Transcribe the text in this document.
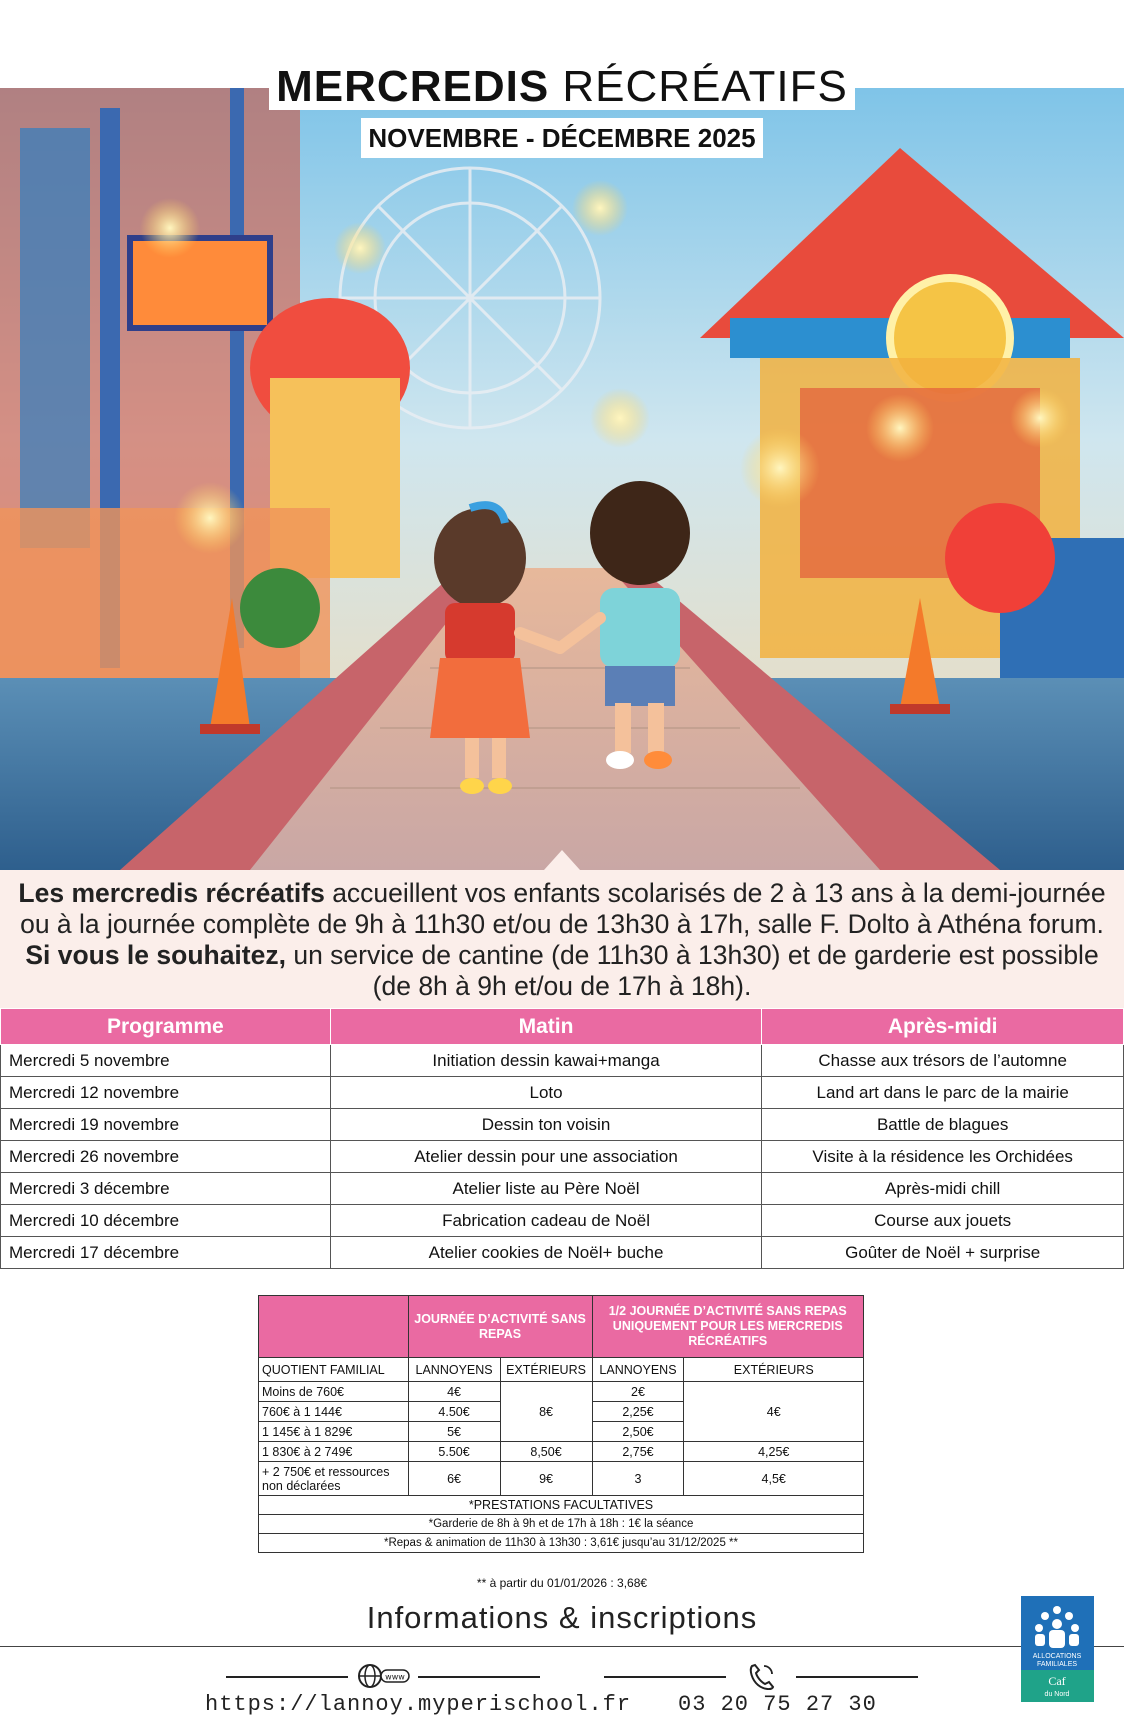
MERCREDIS RÉCRÉATIFS
NOVEMBRE - DÉCEMBRE 2025

Les mercredis récréatifs accueillent vos enfants scolarisés de 2 à 13 ans à la demi-journée ou à la journée complète de 9h à 11h30 et/ou de 13h30 à 17h, salle F. Dolto à Athéna forum. Si vous le souhaitez, un service de cantine (de 11h30 à 13h30) et de garderie est possible (de 8h à 9h et/ou de 17h à 18h).

Programme	Matin	Après-midi
Mercredi 5 novembre	Initiation dessin kawai+manga	Chasse aux trésors de l’automne
Mercredi 12 novembre	Loto	Land art dans le parc de la mairie
Mercredi 19 novembre	Dessin ton voisin	Battle de blagues
Mercredi 26 novembre	Atelier dessin pour une association	Visite à la résidence les Orchidées
Mercredi 3 décembre	Atelier liste au Père Noël	Après-midi chill
Mercredi 10 décembre	Fabrication cadeau de Noël	Course aux jouets
Mercredi 17 décembre	Atelier cookies de Noël+ buche	Goûter de Noël + surprise
	JOURNÉE D’ACTIVITÉ SANS REPAS		1/2 JOURNÉE D’ACTIVITÉ SANS REPAS UNIQUEMENT POUR LES MERCREDIS RÉCRÉATIFS	
QUOTIENT FAMILIAL	LANNOYENS	EXTÉRIEURS	LANNOYENS	EXTÉRIEURS
Moins de 760€	4€	8€	2€	4€
760€ à 1 144€	4.50€		2,25€	
1 145€ à 1 829€	5€		2,50€	
1 830€ à 2 749€	5.50€	8,50€	2,75€	4,25€
+ 2 750€ et ressources non déclarées	6€	9€	3	4,5€
*PRESTATIONS FACULTATIVES				
*Garderie de 8h à 9h et de 17h à 18h : 1€ la séance				
*Repas & animation de 11h30 à 13h30 : 3,61€ jusqu’au 31/12/2025 **				
** à partir du 01/01/2026 : 3,68€
Informations & inscriptions
www
https://lannoy.myperischool.fr 03 20 75 27 30
ALLOCATIONS
FAMILIALES
Caf
du Nord
